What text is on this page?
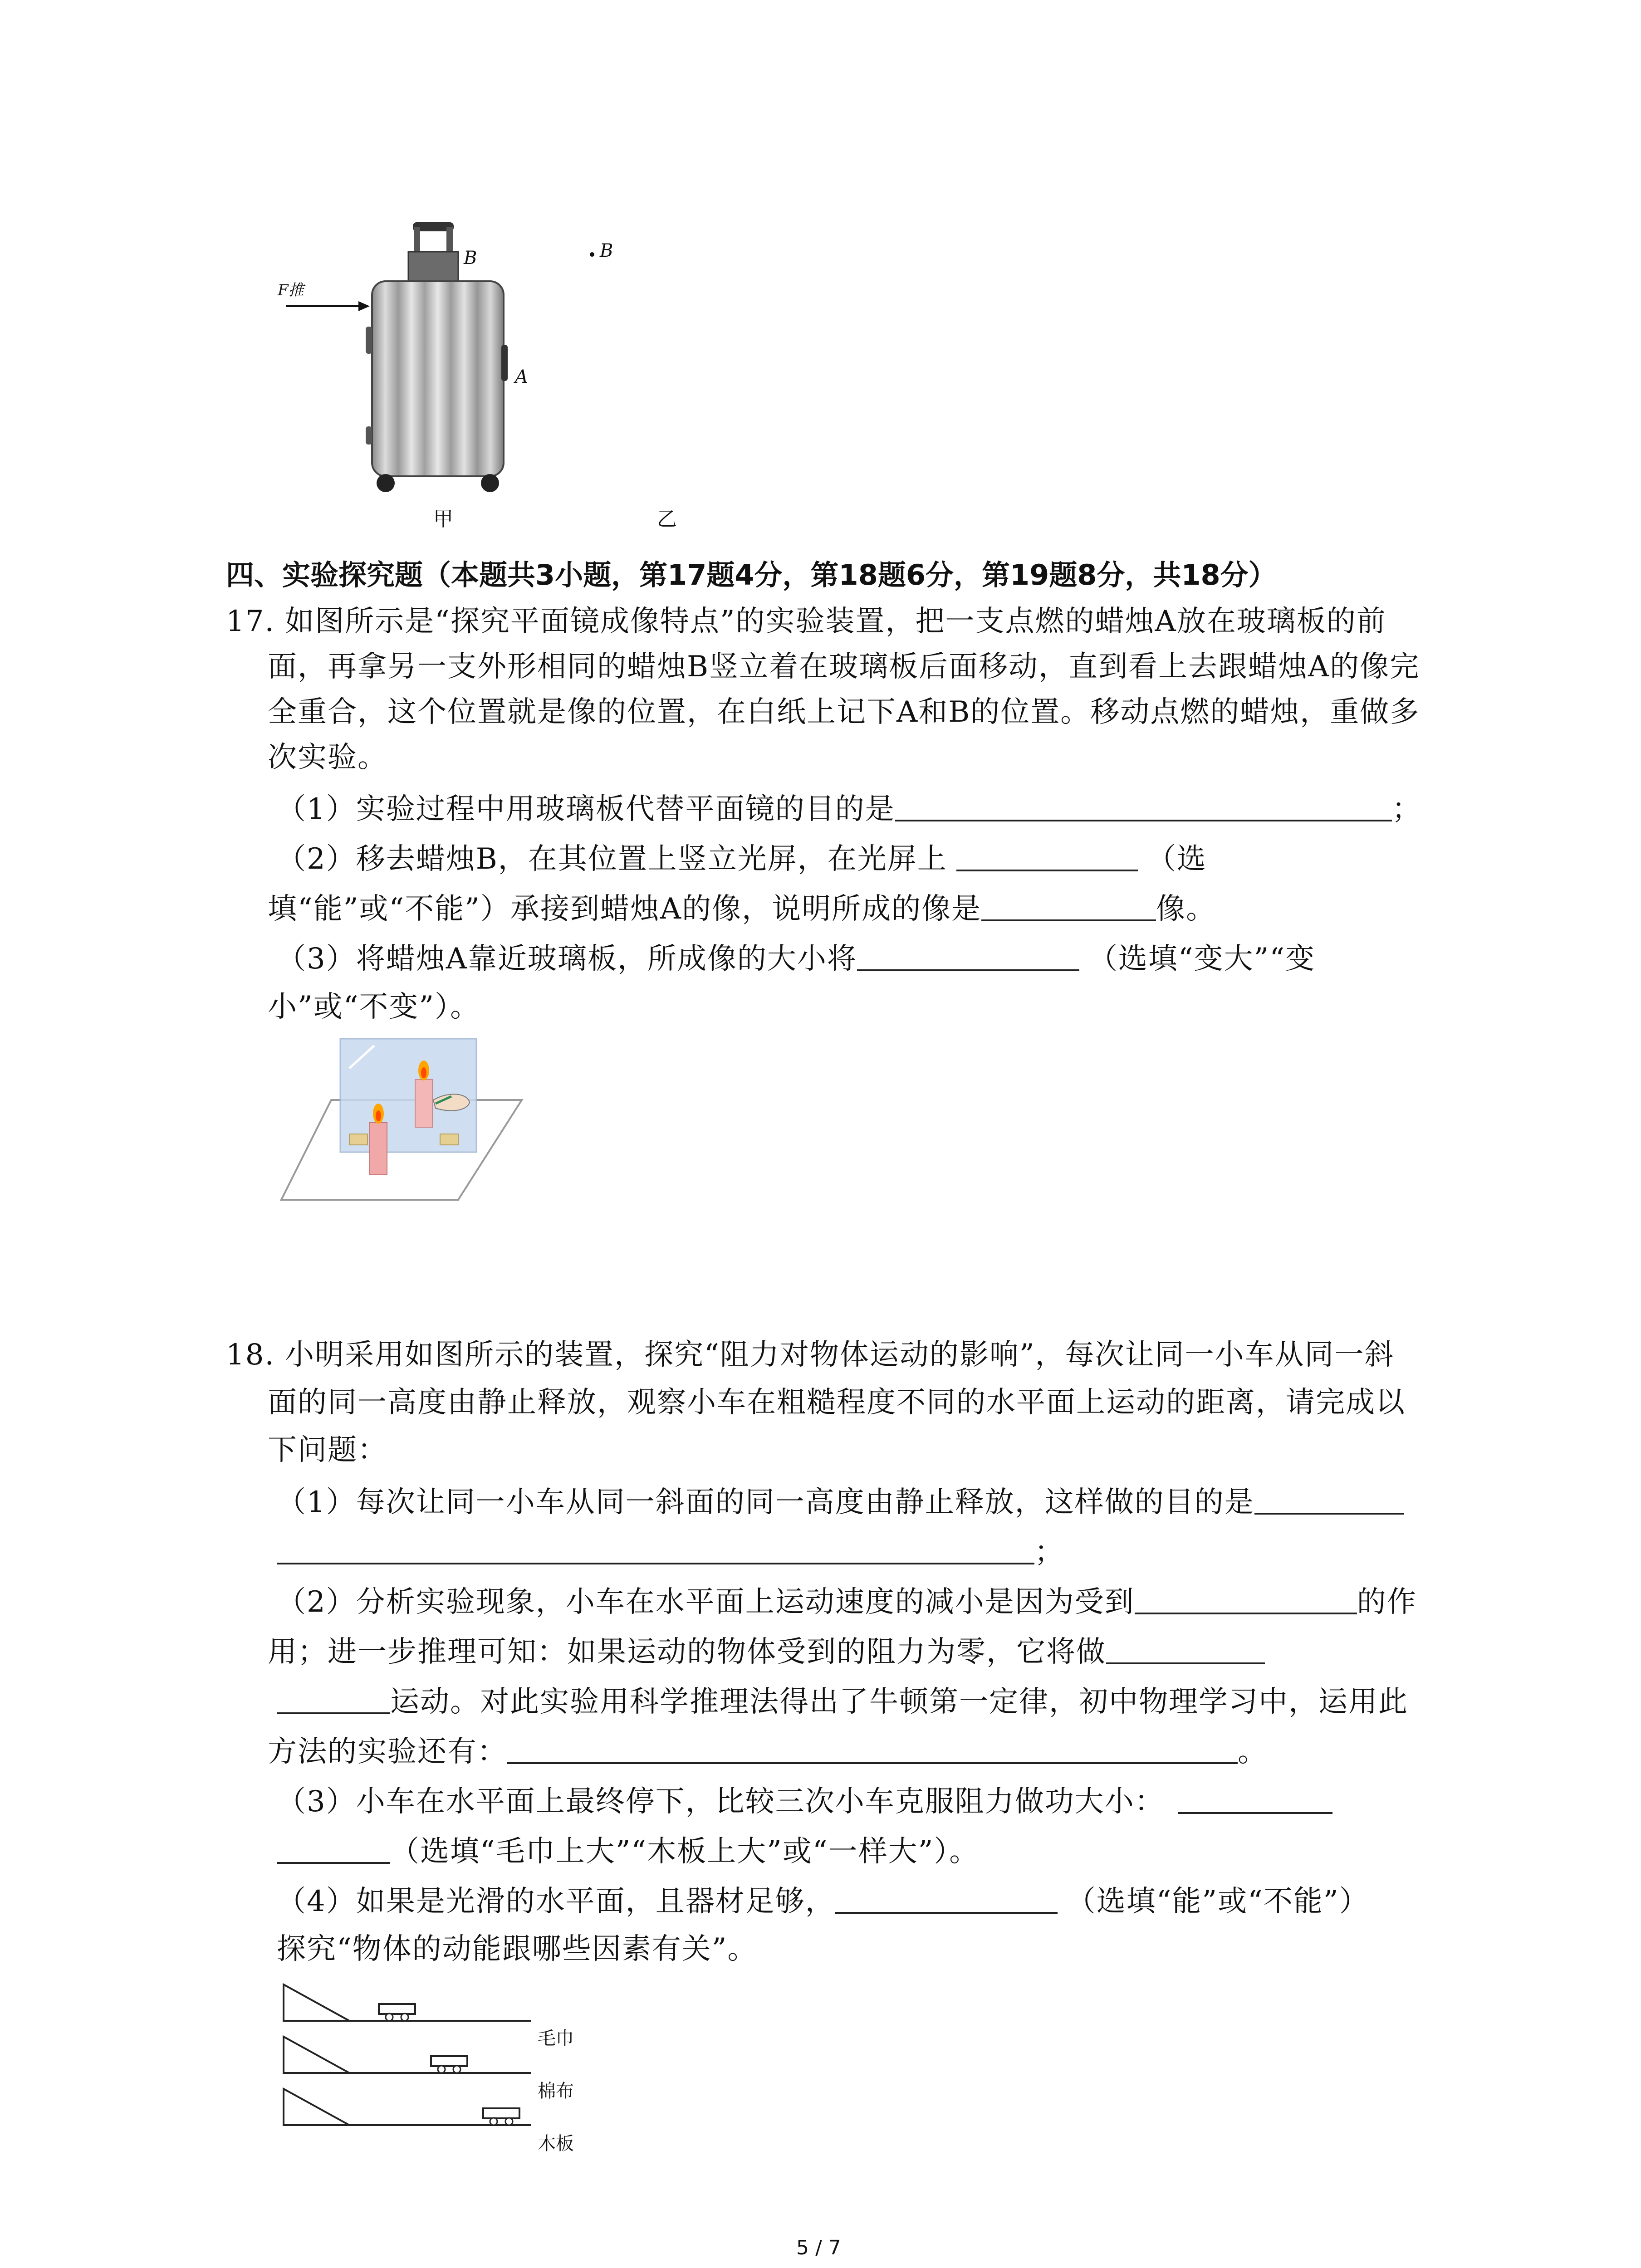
F推
B
A
B
甲	乙
四、实验探究题（本题共3小题，第17题4分，第18题6分，第19题8分，共18分）
17. 如图所示是“探究平面镜成像特点”的实验装置，把一支点燃的蜡烛A放在玻璃板的前
面，再拿另一支外形相同的蜡烛B竖立着在玻璃板后面移动，直到看上去跟蜡烛A的像完
全重合，这个位置就是像的位置，在白纸上记下A和B的位置。移动点燃的蜡烛，重做多
次实验。
（1）实验过程中用玻璃板代替平面镜的目的是	；
（2）移去蜡烛B，在其位置上竖立光屏，在光屏上	（选
填“能”或“不能”）承接到蜡烛A的像，说明所成的像是	像。
（3）将蜡烛A靠近玻璃板，所成像的大小将	（选填“变大”“变
小”或“不变”）。
18. 小明采用如图所示的装置，探究“阻力对物体运动的影响”，每次让同一小车从同一斜
面的同一高度由静止释放，观察小车在粗糙程度不同的水平面上运动的距离，请完成以
下问题：
（1）每次让同一小车从同一斜面的同一高度由静止释放，这样做的目的是
；
（2）分析实验现象，小车在水平面上运动速度的减小是因为受到	的作
用；进一步推理可知：如果运动的物体受到的阻力为零，它将做
运动。对此实验用科学推理法得出了牛顿第一定律，初中物理学习中，运用此
方法的实验还有：	。
（3）小车在水平面上最终停下，比较三次小车克服阻力做功大小：
（选填“毛巾上大”“木板上大”或“一样大”）。
（4）如果是光滑的水平面，且器材足够，	（选填“能”或“不能”）
探究“物体的动能跟哪些因素有关”。
毛巾
棉布
木板
5 / 7
